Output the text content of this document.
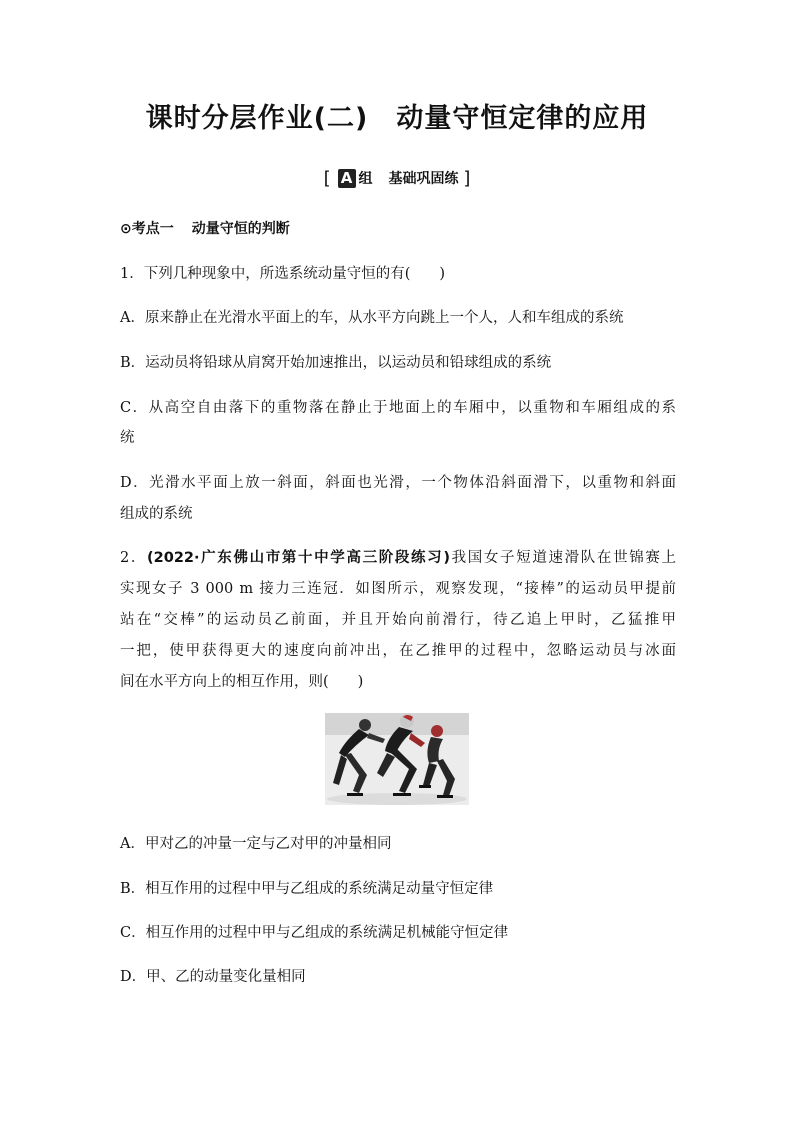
课时分层作业(二) 动量守恒定律的应用
[ A 组 基础巩固练 ]
⊙考点一 动量守恒的判断
1．下列几种现象中，所选系统动量守恒的有(　　)
A．原来静止在光滑水平面上的车，从水平方向跳上一个人，人和车组成的系统
B．运动员将铅球从肩窝开始加速推出，以运动员和铅球组成的系统
C．从高空自由落下的重物落在静止于地面上的车厢中，以重物和车厢组成的系
统
D．光滑水平面上放一斜面，斜面也光滑，一个物体沿斜面滑下，以重物和斜面
组成的系统
2．(2022·广东佛山市第十中学高三阶段练习)我国女子短道速滑队在世锦赛上
实现女子 3 000 m 接力三连冠．如图所示，观察发现，“接棒”的运动员甲提前
站在“交棒”的运动员乙前面，并且开始向前滑行，待乙追上甲时，乙猛推甲
一把，使甲获得更大的速度向前冲出，在乙推甲的过程中，忽略运动员与冰面
间在水平方向上的相互作用，则(　　)
A．甲对乙的冲量一定与乙对甲的冲量相同
B．相互作用的过程中甲与乙组成的系统满足动量守恒定律
C．相互作用的过程中甲与乙组成的系统满足机械能守恒定律
D．甲、乙的动量变化量相同
